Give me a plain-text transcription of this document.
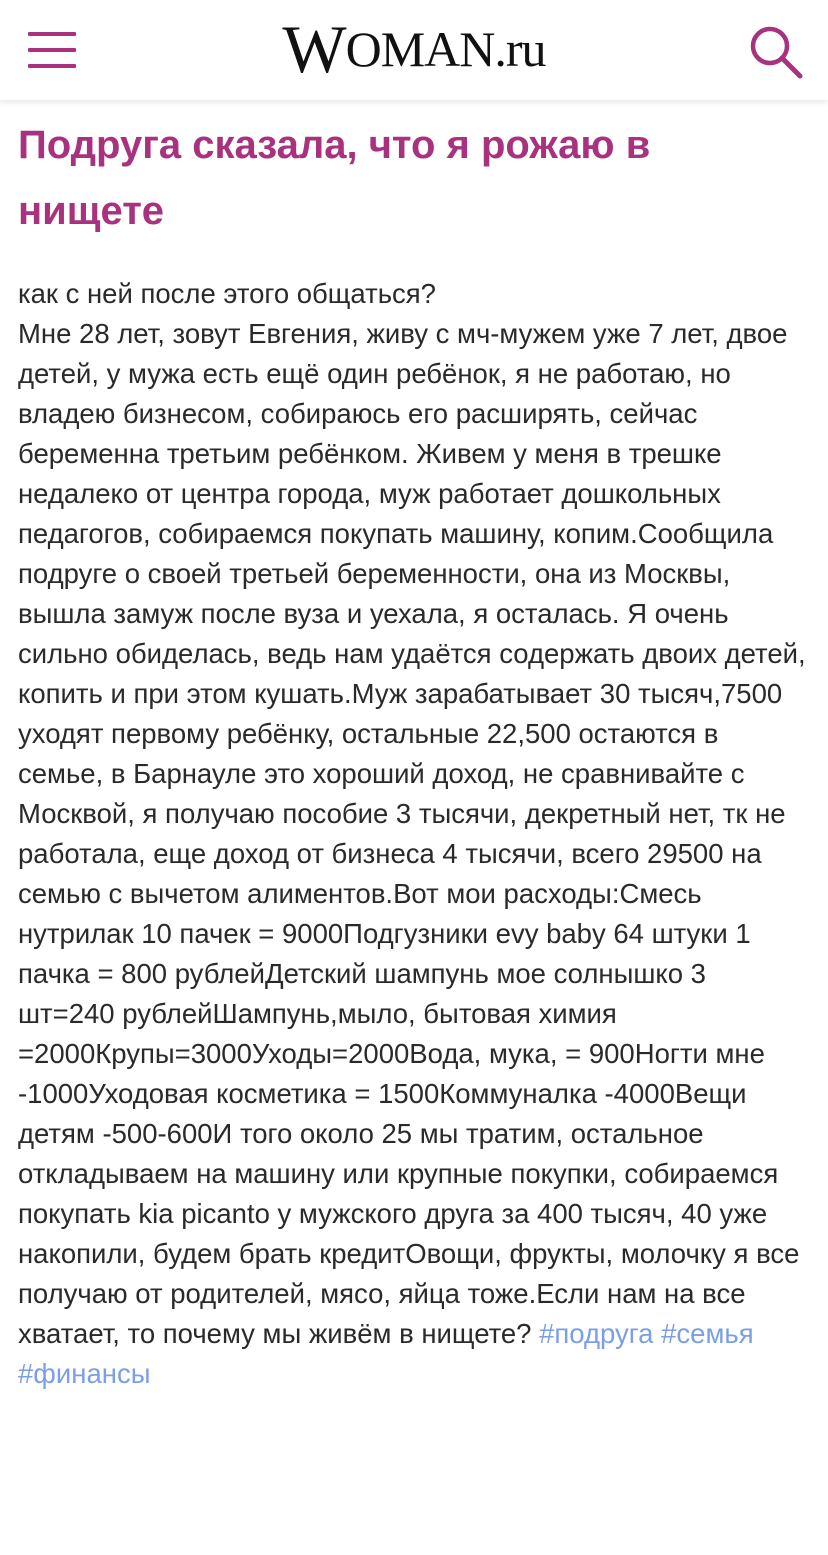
W OMAN .ru
Подруга сказала, что я рожаю в нищете
как с ней после этого общаться?
Мне 28 лет, зовут Евгения, живу с мч-мужем уже 7 лет, двое детей, у мужа есть ещё один ребёнок, я не работаю, но владею бизнесом, собираюсь его расширять, сейчас беременна третьим ребёнком. Живем у меня в трешке недалеко от центра города, муж работает дошкольных педагогов, собираемся покупать машину, копим.Сообщила подруге о своей третьей беременности, она из Москвы, вышла замуж после вуза и уехала, я осталась. Я очень сильно обиделась, ведь нам удаётся содержать двоих детей, копить и при этом кушать.Муж зарабатывает 30 тысяч,7500 уходят первому ребёнку, остальные 22,500 остаются в семье, в Барнауле это хороший доход, не сравнивайте с Москвой, я получаю пособие 3 тысячи, декретный нет, тк не работала, еще доход от бизнеса 4 тысячи, всего 29500 на семью с вычетом алиментов.Вот мои расходы:Смесь нутрилак 10 пачек = 9000Подгузники evy baby 64 штуки 1 пачка = 800 рублейДетский шампунь мое солнышко 3 шт=240 рублейШампунь,мыло, бытовая химия =2000Крупы=3000Уходы=2000Вода, мука, = 900Ногти мне -1000Уходовая косметика = 1500Коммуналка -4000Вещи детям -500-600И того около 25 мы тратим, остальное откладываем на машину или крупные покупки, собираемся покупать kia picanto у мужского друга за 400 тысяч, 40 уже накопили, будем брать кредитОвощи, фрукты, молочку я все получаю от родителей, мясо, яйца тоже.Если нам на все хватает, то почему мы живём в нищете? #подруга #семья #финансы
